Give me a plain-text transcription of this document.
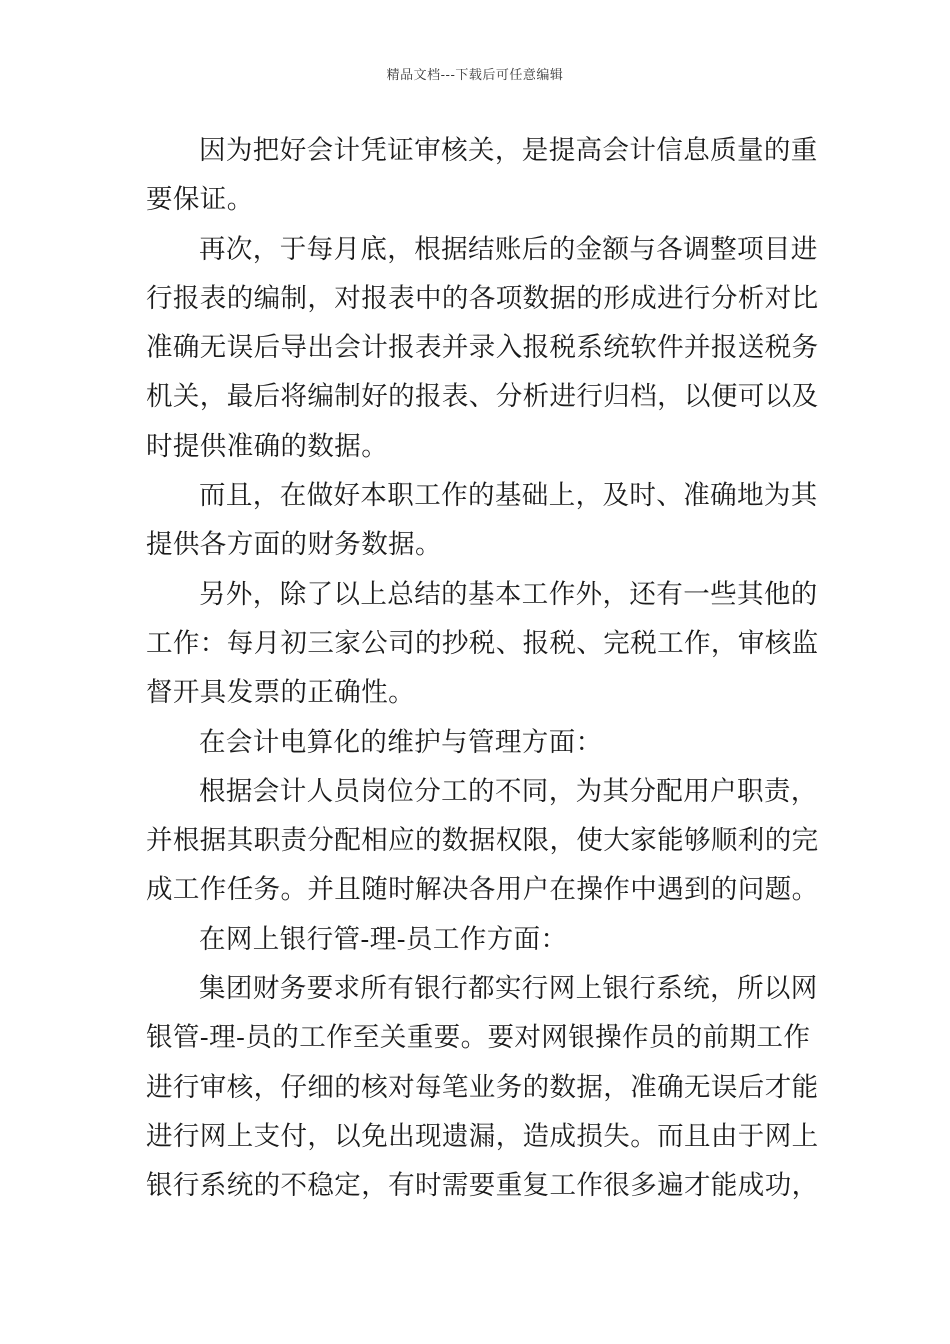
精品文档---下载后可任意编辑
因为把好会计凭证审核关，是提高会计信息质量的重
要保证。
再次，于每月底，根据结账后的金额与各调整项目进
行报表的编制，对报表中的各项数据的形成进行分析对比
准确无误后导出会计报表并录入报税系统软件并报送税务
机关，最后将编制好的报表、分析进行归档，以便可以及
时提供准确的数据。
而且，在做好本职工作的基础上，及时、准确地为其
提供各方面的财务数据。
另外，除了以上总结的基本工作外，还有一些其他的
工作：每月初三家公司的抄税、报税、完税工作，审核监
督开具发票的正确性。
在会计电算化的维护与管理方面：
根据会计人员岗位分工的不同，为其分配用户职责，
并根据其职责分配相应的数据权限，使大家能够顺利的完
成工作任务。并且随时解决各用户在操作中遇到的问题。
在网上银行管-理-员工作方面：
集团财务要求所有银行都实行网上银行系统，所以网
银管-理-员的工作至关重要。要对网银操作员的前期工作
进行审核，仔细的核对每笔业务的数据，准确无误后才能
进行网上支付，以免出现遗漏，造成损失。而且由于网上
银行系统的不稳定，有时需要重复工作很多遍才能成功，
